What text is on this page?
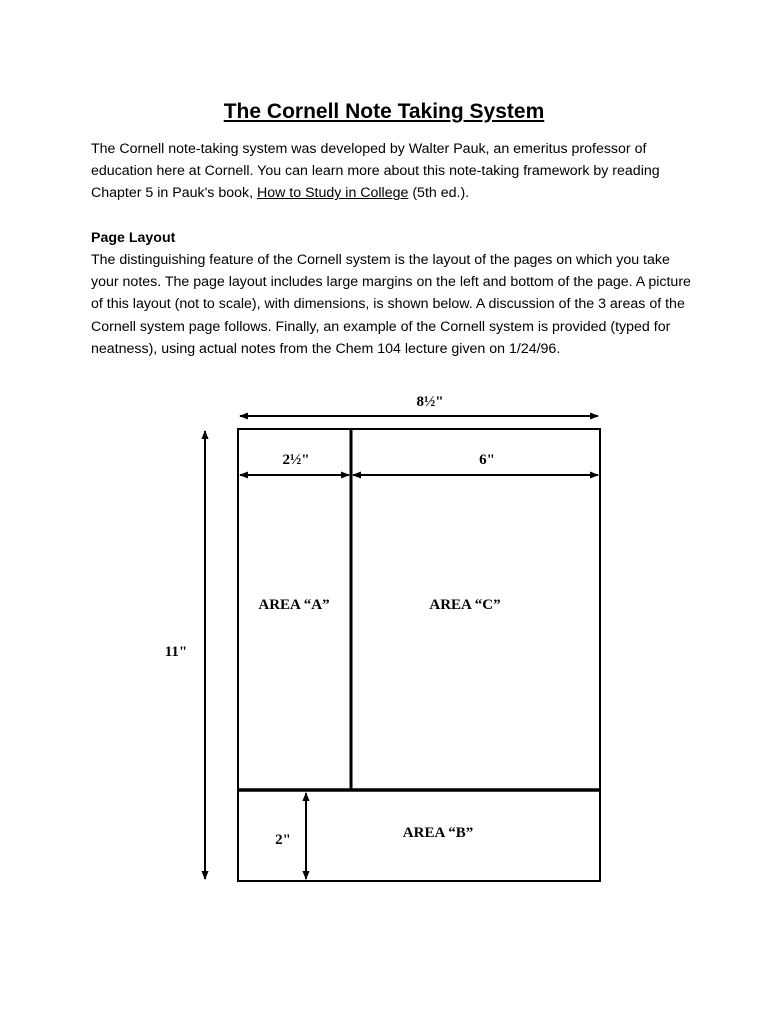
The Cornell Note Taking System
The Cornell note-taking system was developed by Walter Pauk, an emeritus professor of education here at Cornell. You can learn more about this note-taking framework by reading Chapter 5 in Pauk's book, How to Study in College (5th ed.).
Page Layout
The distinguishing feature of the Cornell system is the layout of the pages on which you take your notes. The page layout includes large margins on the left and bottom of the page. A picture of this layout (not to scale), with dimensions, is shown below. A discussion of the 3 areas of the Cornell system page follows. Finally, an example of the Cornell system is provided (typed for neatness), using actual notes from the Chem 104 lecture given on 1/24/96.
8½"
2½"	6"
11"
2"
AREA “A”	AREA “C”
AREA “B”
